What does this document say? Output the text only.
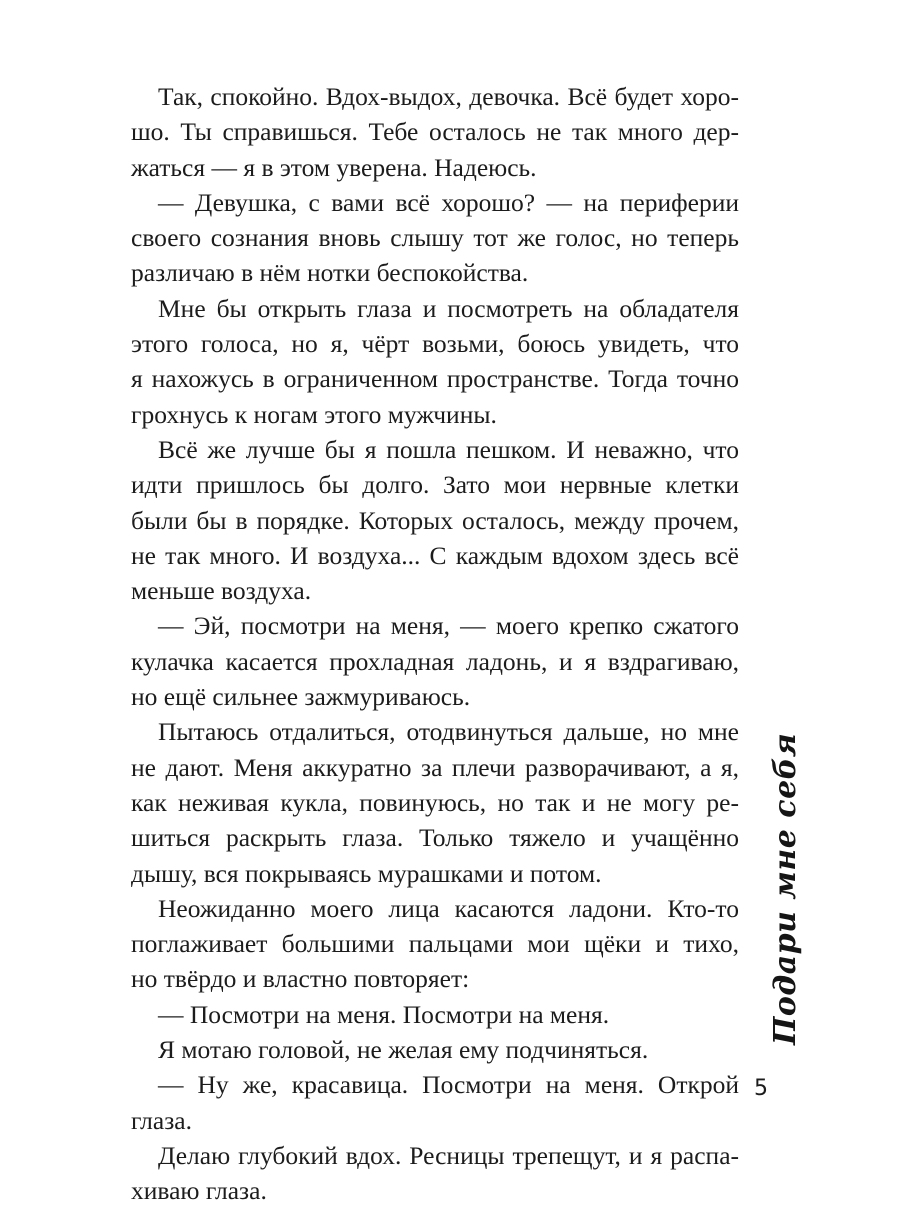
Так, спокойно. Вдох-выдох, девочка. Всё будет хоро-
шо. Ты справишься. Тебе осталось не так много дер-
жаться — я в этом уверена. Надеюсь.
— Девушка, с вами всё хорошо? — на периферии
своего сознания вновь слышу тот же голос, но теперь
различаю в нём нотки беспокойства.
Мне бы открыть глаза и посмотреть на обладателя
этого голоса, но я, чёрт возьми, боюсь увидеть, что
я нахожусь в ограниченном пространстве. Тогда точно
грохнусь к ногам этого мужчины.
Всё же лучше бы я пошла пешком. И неважно, что
идти пришлось бы долго. Зато мои нервные клетки
были бы в порядке. Которых осталось, между прочем,
не так много. И воздуха... С каждым вдохом здесь всё
меньше воздуха.
— Эй, посмотри на меня, — моего крепко сжатого
кулачка касается прохладная ладонь, и я вздрагиваю,
но ещё сильнее зажмуриваюсь.
Пытаюсь отдалиться, отодвинуться дальше, но мне
не дают. Меня аккуратно за плечи разворачивают, а я,
как неживая кукла, повинуюсь, но так и не могу ре-
шиться раскрыть глаза. Только тяжело и учащённо
дышу, вся покрываясь мурашками и потом.
Неожиданно моего лица касаются ладони. Кто-то
поглаживает большими пальцами мои щёки и тихо,
но твёрдо и властно повторяет:
— Посмотри на меня. Посмотри на меня.
Я мотаю головой, не желая ему подчиняться.
— Ну же, красавица. Посмотри на меня. Открой
глаза.
Делаю глубокий вдох. Ресницы трепещут, и я распа-
хиваю глаза.
Подари мне себя
5
